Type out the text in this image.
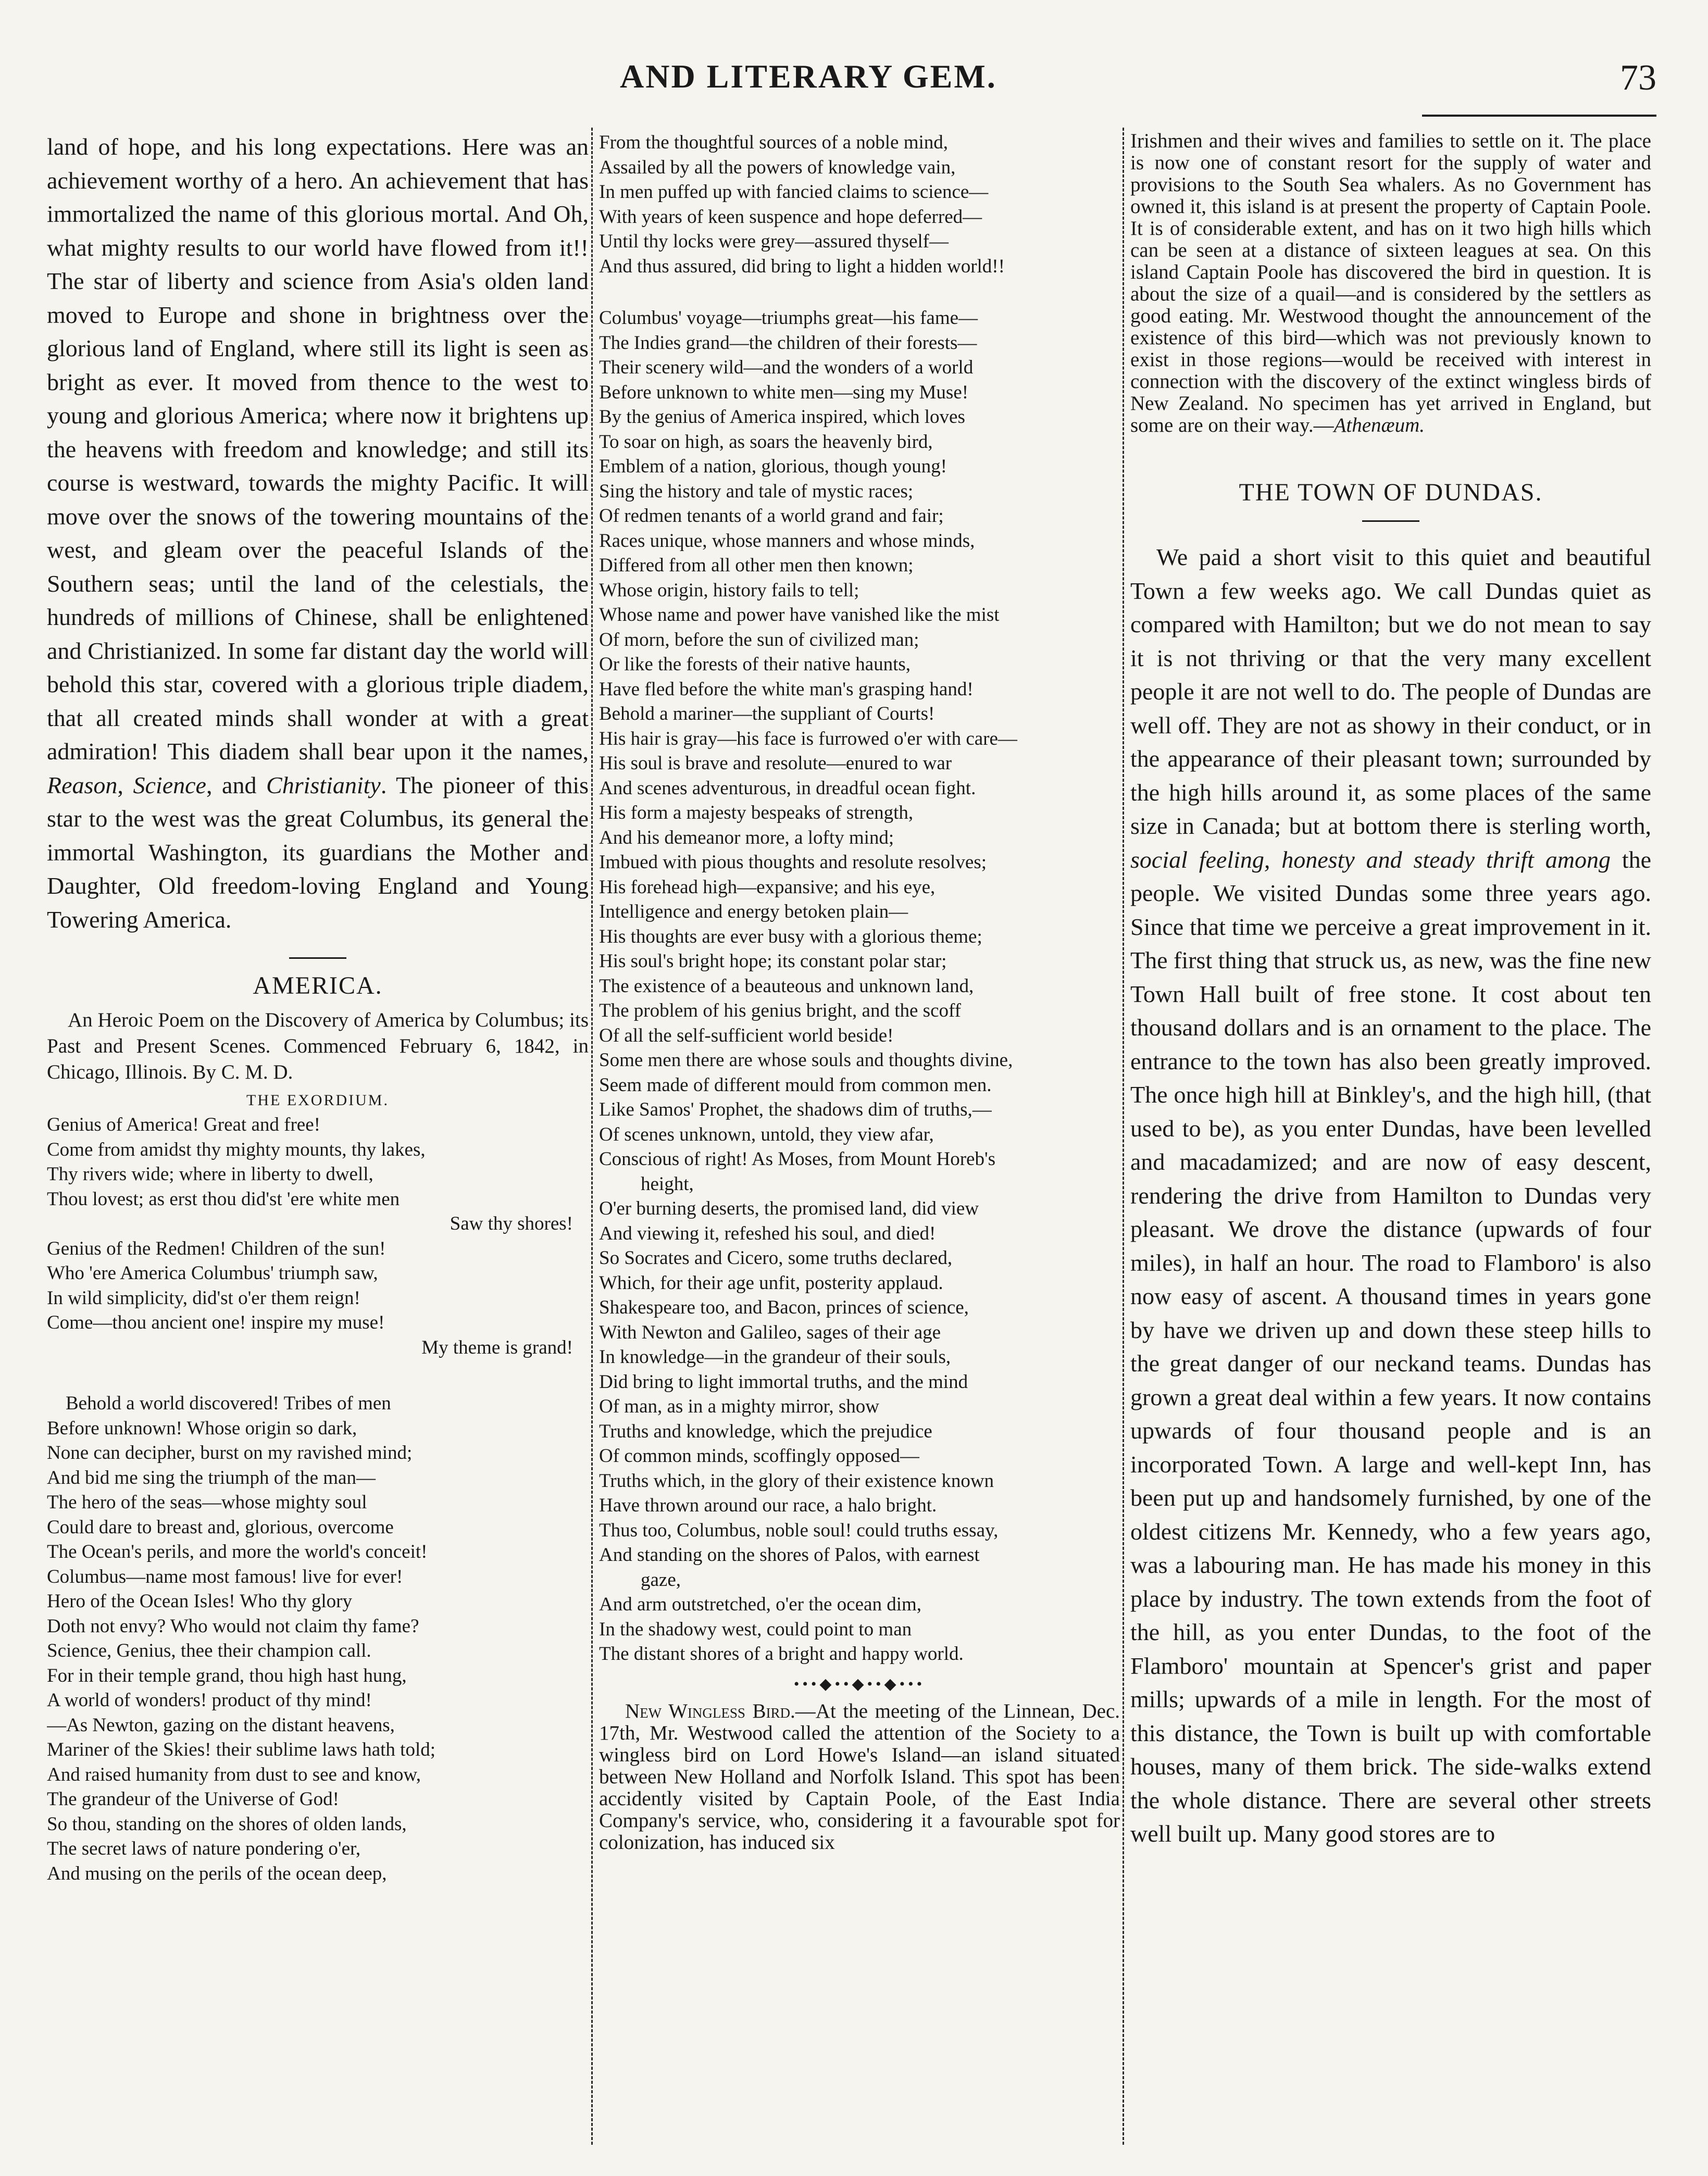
AND LITERARY GEM.	73

land of hope, and his long expectations. Here was an achievement worthy of a hero. An achievement that has immortalized the name of this glorious mortal. And Oh, what mighty results to our world have flowed from it!! The star of liberty and science from Asia's olden land moved to Europe and shone in brightness over the glorious land of England, where still its light is seen as bright as ever. It moved from thence to the west to young and glorious America; where now it brightens up the heavens with freedom and knowledge; and still its course is westward, towards the mighty Pacific. It will move over the snows of the towering mountains of the west, and gleam over the peaceful Islands of the Southern seas; until the land of the celestials, the hundreds of millions of Chinese, shall be enlightened and Christianized. In some far distant day the world will behold this star, covered with a glorious triple diadem, that all created minds shall wonder at with a great admiration! This diadem shall bear upon it the names, Reason, Science, and Christianity. The pioneer of this star to the west was the great Columbus, its general the immortal Washington, its guardians the Mother and Daughter, Old freedom-loving England and Young Towering America.

AMERICA.
An Heroic Poem on the Discovery of America by Columbus; its Past and Present Scenes. Commenced February 6, 1842, in Chicago, Illinois. By C. M. D.
THE EXORDIUM.
Genius of America! Great and free!
Come from amidst thy mighty mounts, thy lakes,
Thy rivers wide; where in liberty to dwell,
Thou lovest; as erst thou did'st 'ere white men
Saw thy shores!
Genius of the Redmen! Children of the sun!
Who 'ere America Columbus' triumph saw,
In wild simplicity, did'st o'er them reign!
Come—thou ancient one! inspire my muse!
My theme is grand!
Behold a world discovered! Tribes of men
Before unknown! Whose origin so dark,
None can decipher, burst on my ravished mind;
And bid me sing the triumph of the man—
The hero of the seas—whose mighty soul
Could dare to breast and, glorious, overcome
The Ocean's perils, and more the world's conceit!
Columbus—name most famous! live for ever!
Hero of the Ocean Isles! Who thy glory
Doth not envy? Who would not claim thy fame?
Science, Genius, thee their champion call.
For in their temple grand, thou high hast hung,
A world of wonders! product of thy mind!
—As Newton, gazing on the distant heavens,
Mariner of the Skies! their sublime laws hath told;
And raised humanity from dust to see and know,
The grandeur of the Universe of God!
So thou, standing on the shores of olden lands,
The secret laws of nature pondering o'er,
And musing on the perils of the ocean deep,
From the thoughtful sources of a noble mind,
Assailed by all the powers of knowledge vain,
In men puffed up with fancied claims to science—
With years of keen suspence and hope deferred—
Until thy locks were grey—assured thyself—
And thus assured, did bring to light a hidden world!!
Columbus' voyage—triumphs great—his fame—
The Indies grand—the children of their forests—
Their scenery wild—and the wonders of a world
Before unknown to white men—sing my Muse!
By the genius of America inspired, which loves
To soar on high, as soars the heavenly bird,
Emblem of a nation, glorious, though young!
Sing the history and tale of mystic races;
Of redmen tenants of a world grand and fair;
Races unique, whose manners and whose minds,
Differed from all other men then known;
Whose origin, history fails to tell;
Whose name and power have vanished like the mist
Of morn, before the sun of civilized man;
Or like the forests of their native haunts,
Have fled before the white man's grasping hand!
Behold a mariner—the suppliant of Courts!
His hair is gray—his face is furrowed o'er with care—
His soul is brave and resolute—enured to war
And scenes adventurous, in dreadful ocean fight.
His form a majesty bespeaks of strength,
And his demeanor more, a lofty mind;
Imbued with pious thoughts and resolute resolves;
His forehead high—expansive; and his eye,
Intelligence and energy betoken plain—
His thoughts are ever busy with a glorious theme;
His soul's bright hope; its constant polar star;
The existence of a beauteous and unknown land,
The problem of his genius bright, and the scoff
Of all the self-sufficient world beside!
Some men there are whose souls and thoughts divine,
Seem made of different mould from common men.
Like Samos' Prophet, the shadows dim of truths,—
Of scenes unknown, untold, they view afar,
Conscious of right! As Moses, from Mount Horeb's
height,
O'er burning deserts, the promised land, did view
And viewing it, refeshed his soul, and died!
So Socrates and Cicero, some truths declared,
Which, for their age unfit, posterity applaud.
Shakespeare too, and Bacon, princes of science,
With Newton and Galileo, sages of their age
In knowledge—in the grandeur of their souls,
Did bring to light immortal truths, and the mind
Of man, as in a mighty mirror, show
Truths and knowledge, which the prejudice
Of common minds, scoffingly opposed—
Truths which, in the glory of their existence known
Have thrown around our race, a halo bright.
Thus too, Columbus, noble soul! could truths essay,
And standing on the shores of Palos, with earnest
gaze,
And arm outstretched, o'er the ocean dim,
In the shadowy west, could point to man
The distant shores of a bright and happy world.
•••◆••◆••◆•••

New Wingless Bird.—At the meeting of the Linnean, Dec. 17th, Mr. Westwood called the attention of the Society to a wingless bird on Lord Howe's Island—an island situated between New Holland and Norfolk Island. This spot has been accidently visited by Captain Poole, of the East India Company's service, who, considering it a favourable spot for colonization, has induced six

Irishmen and their wives and families to settle on it. The place is now one of constant resort for the supply of water and provisions to the South Sea whalers. As no Government has owned it, this island is at present the property of Captain Poole. It is of considerable extent, and has on it two high hills which can be seen at a distance of sixteen leagues at sea. On this island Captain Poole has discovered the bird in question. It is about the size of a quail—and is considered by the settlers as good eating. Mr. Westwood thought the announcement of the existence of this bird—which was not previously known to exist in those regions—would be received with interest in connection with the discovery of the extinct wingless birds of New Zealand. No specimen has yet arrived in England, but some are on their way.—Athenæum.

THE TOWN OF DUNDAS.

We paid a short visit to this quiet and beautiful Town a few weeks ago. We call Dundas quiet as compared with Hamilton; but we do not mean to say it is not thriving or that the very many excellent people it are not well to do. The people of Dundas are well off. They are not as showy in their conduct, or in the appearance of their pleasant town; surrounded by the high hills around it, as some places of the same size in Canada; but at bottom there is sterling worth, social feeling, honesty and steady thrift among the people. We visited Dundas some three years ago. Since that time we perceive a great improvement in it. The first thing that struck us, as new, was the fine new Town Hall built of free stone. It cost about ten thousand dollars and is an ornament to the place. The entrance to the town has also been greatly improved. The once high hill at Binkley's, and the high hill, (that used to be), as you enter Dundas, have been levelled and macadamized; and are now of easy descent, rendering the drive from Hamilton to Dundas very pleasant. We drove the distance (upwards of four miles), in half an hour. The road to Flamboro' is also now easy of ascent. A thousand times in years gone by have we driven up and down these steep hills to the great danger of our neckand teams. Dundas has grown a great deal within a few years. It now contains upwards of four thousand people and is an incorporated Town. A large and well-kept Inn, has been put up and handsomely furnished, by one of the oldest citizens Mr. Kennedy, who a few years ago, was a labouring man. He has made his money in this place by industry. The town extends from the foot of the hill, as you enter Dundas, to the foot of the Flamboro' mountain at Spencer's grist and paper mills; upwards of a mile in length. For the most of this distance, the Town is built up with comfortable houses, many of them brick. The side-walks extend the whole distance. There are several other streets well built up. Many good stores are to
